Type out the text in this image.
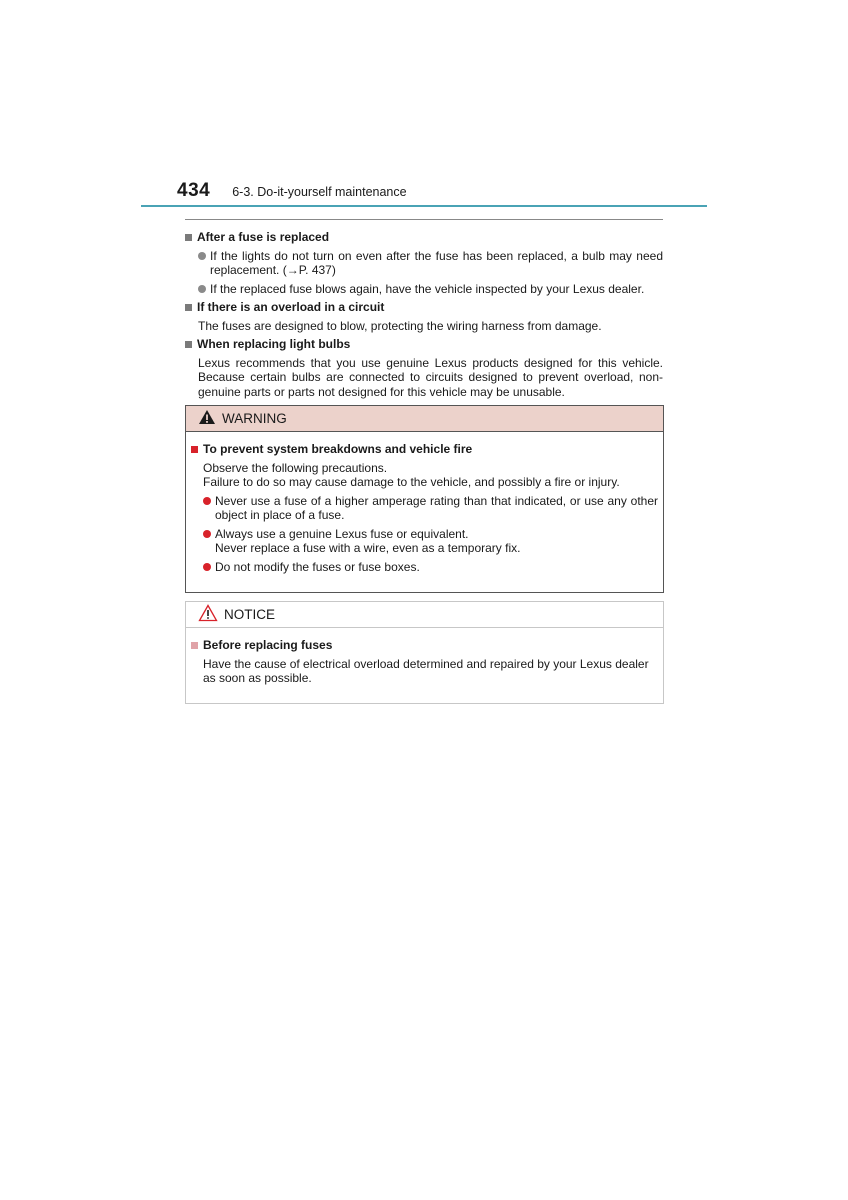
434 6-3. Do-it-yourself maintenance
After a fuse is replaced
If the lights do not turn on even after the fuse has been replaced, a bulb may need replacement. (→P. 437)
If the replaced fuse blows again, have the vehicle inspected by your Lexus dealer.
If there is an overload in a circuit
The fuses are designed to blow, protecting the wiring harness from damage.
When replacing light bulbs
Lexus recommends that you use genuine Lexus products designed for this vehicle. Because certain bulbs are connected to circuits designed to prevent overload, non-genuine parts or parts not designed for this vehicle may be unusable.
WARNING
To prevent system breakdowns and vehicle fire
Observe the following precautions.
Failure to do so may cause damage to the vehicle, and possibly a fire or injury.
Never use a fuse of a higher amperage rating than that indicated, or use any other object in place of a fuse.
Always use a genuine Lexus fuse or equivalent.
Never replace a fuse with a wire, even as a temporary fix.
Do not modify the fuses or fuse boxes.
NOTICE
Before replacing fuses
Have the cause of electrical overload determined and repaired by your Lexus dealer as soon as possible.
